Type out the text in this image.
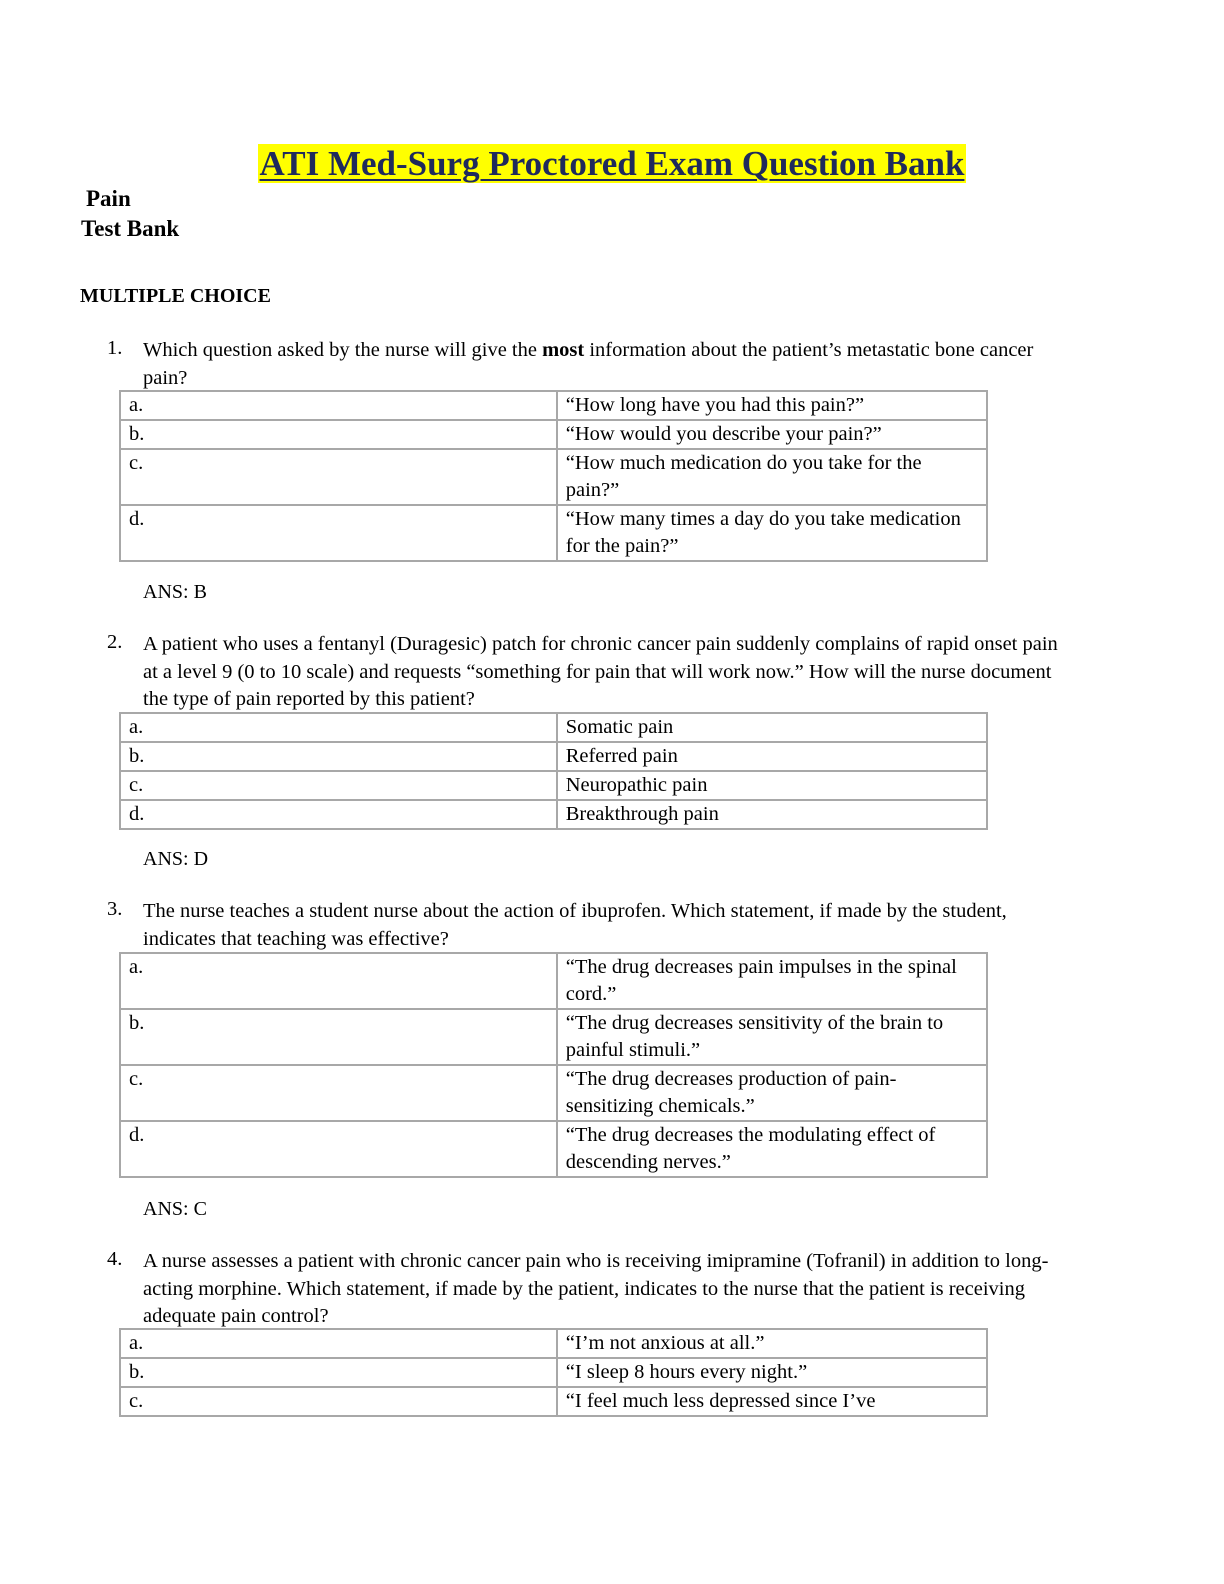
ATI Med-Surg Proctored Exam Question Bank
Pain
Test Bank
MULTIPLE CHOICE
1. Which question asked by the nurse will give the most information about the patient’s metastatic bone cancer pain?
a.	“How long have you had this pain?”
b.	“How would you describe your pain?”
c.	“How much medication do you take for the pain?”
d.	“How many times a day do you take medication for the pain?”
ANS: B
2. A patient who uses a fentanyl (Duragesic) patch for chronic cancer pain suddenly complains of rapid onset pain at a level 9 (0 to 10 scale) and requests “something for pain that will work now.” How will the nurse document the type of pain reported by this patient?
a.	Somatic pain
b.	Referred pain
c.	Neuropathic pain
d.	Breakthrough pain
ANS: D
3. The nurse teaches a student nurse about the action of ibuprofen. Which statement, if made by the student, indicates that teaching was effective?
a.	“The drug decreases pain impulses in the spinal cord.”
b.	“The drug decreases sensitivity of the brain to painful stimuli.”
c.	“The drug decreases production of pain-sensitizing chemicals.”
d.	“The drug decreases the modulating effect of descending nerves.”
ANS: C
4. A nurse assesses a patient with chronic cancer pain who is receiving imipramine (Tofranil) in addition to long-acting morphine. Which statement, if made by the patient, indicates to the nurse that the patient is receiving adequate pain control?
a.	“I’m not anxious at all.”
b.	“I sleep 8 hours every night.”
c.	“I feel much less depressed since I’ve
